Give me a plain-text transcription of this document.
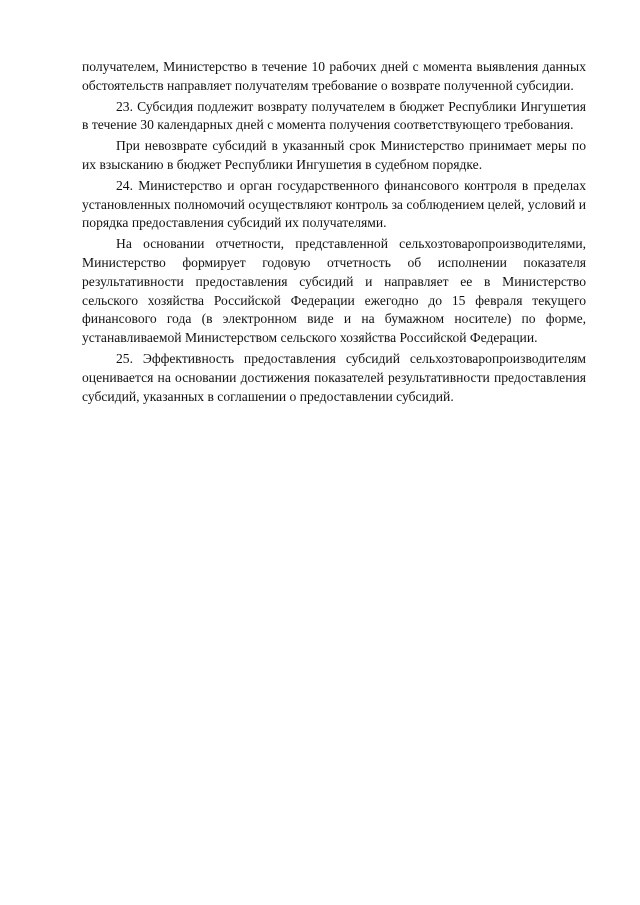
получателем, Министерство в течение 10 рабочих дней с момента выявления данных обстоятельств направляет получателям требование о возврате полученной субсидии.

23. Субсидия подлежит возврату получателем в бюджет Республики Ингушетия в течение 30 календарных дней с момента получения соответствующего требования.

При невозврате субсидий в указанный срок Министерство принимает меры по их взысканию в бюджет Республики Ингушетия в судебном порядке.

24. Министерство и орган государственного финансового контроля в пределах установленных полномочий осуществляют контроль за соблюдением целей, условий и порядка предоставления субсидий их получателями.

На основании отчетности, представленной сельхозтоваропроизводителями, Министерство формирует годовую отчетность об исполнении показателя результативности предоставления субсидий и направляет ее в Министерство сельского хозяйства Российской Федерации ежегодно до 15 февраля текущего финансового года (в электронном виде и на бумажном носителе) по форме, устанавливаемой Министерством сельского хозяйства Российской Федерации.

25. Эффективность предоставления субсидий сельхозтоваропроизводителям оценивается на основании достижения показателей результативности предоставления субсидий, указанных в соглашении о предоставлении субсидий.
